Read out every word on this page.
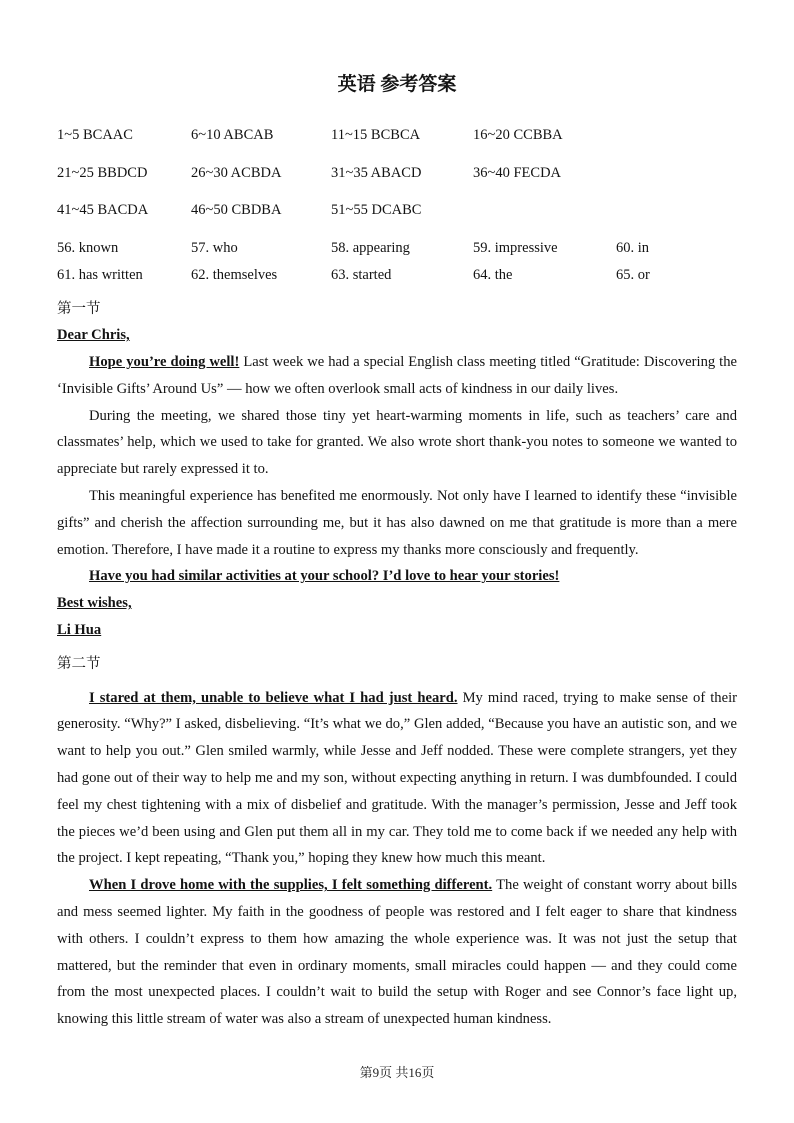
英语 参考答案
1~5 BCAAC	6~10 ABCAB	11~15 BCBCA	16~20 CCBBA
21~25 BBDCD	26~30 ACBDA	31~35 ABACD	36~40 FECDA
41~45 BACDA	46~50 CBDBA	51~55 DCABC
56. known	57. who	58. appearing	59. impressive	60. in
61. has written	62. themselves	63. started	64. the	65. or
第一节

Dear Chris,

Hope you’re doing well! Last week we had a special English class meeting titled “Gratitude: Discovering the ‘Invisible Gifts’ Around Us” — how we often overlook small acts of kindness in our daily lives.

During the meeting, we shared those tiny yet heart-warming moments in life, such as teachers’ care and classmates’ help, which we used to take for granted. We also wrote short thank-you notes to someone we wanted to appreciate but rarely expressed it to.

This meaningful experience has benefited me enormously. Not only have I learned to identify these “invisible gifts” and cherish the affection surrounding me, but it has also dawned on me that gratitude is more than a mere emotion. Therefore, I have made it a routine to express my thanks more consciously and frequently.

Have you had similar activities at your school? I’d love to hear your stories!

Best wishes,

Li Hua

第二节

I stared at them, unable to believe what I had just heard. My mind raced, trying to make sense of their generosity. “Why?” I asked, disbelieving. “It’s what we do,” Glen added, “Because you have an autistic son, and we want to help you out.” Glen smiled warmly, while Jesse and Jeff nodded. These were complete strangers, yet they had gone out of their way to help me and my son, without expecting anything in return. I was dumbfounded. I could feel my chest tightening with a mix of disbelief and gratitude. With the manager’s permission, Jesse and Jeff took the pieces we’d been using and Glen put them all in my car. They told me to come back if we needed any help with the project. I kept repeating, “Thank you,” hoping they knew how much this meant.

When I drove home with the supplies, I felt something different. The weight of constant worry about bills and mess seemed lighter. My faith in the goodness of people was restored and I felt eager to share that kindness with others. I couldn’t express to them how amazing the whole experience was. It was not just the setup that mattered, but the reminder that even in ordinary moments, small miracles could happen — and they could come from the most unexpected places. I couldn’t wait to build the setup with Roger and see Connor’s face light up, knowing this little stream of water was also a stream of unexpected human kindness.

第9页 共16页
